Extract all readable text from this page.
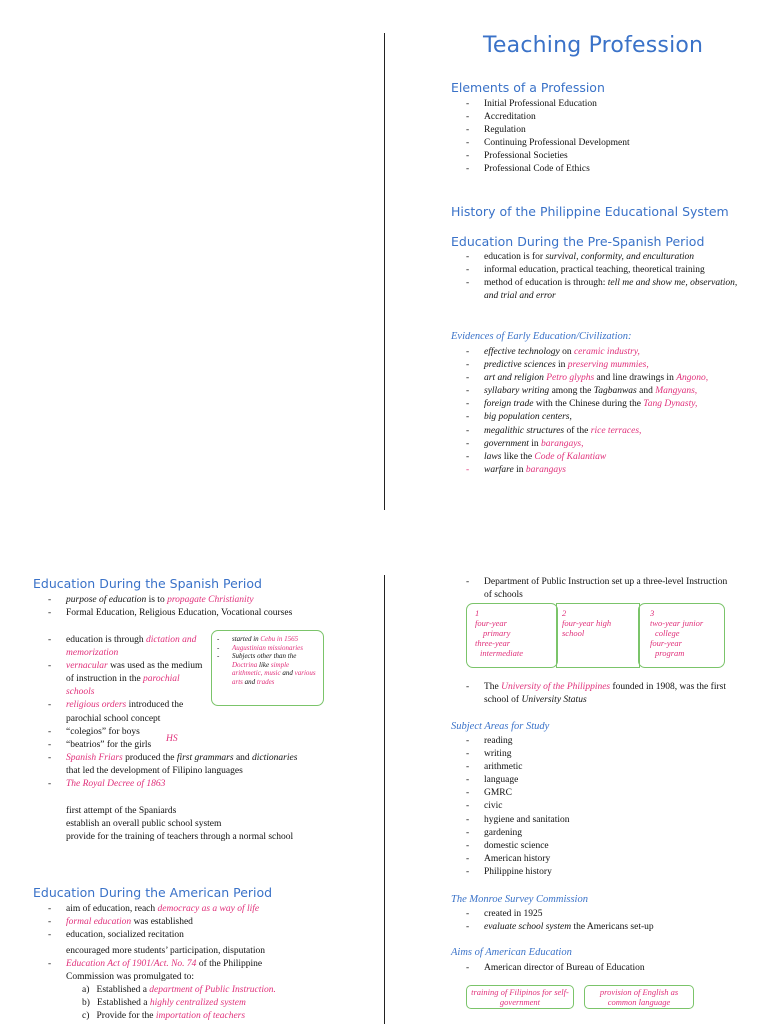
Teaching Profession
Elements of a Profession
- Initial Professional Education
- Accreditation
- Regulation
- Continuing Professional Development
- Professional Societies
- Professional Code of Ethics
History of the Philippine Educational System
Education During the Pre-Spanish Period
- education is for survival, conformity, and enculturation
- informal education, practical teaching, theoretical training
- method of education is through: tell me and show me, observation, and trial and error
Evidences of Early Education/Civilization:
- effective technology on ceramic industry,
- predictive sciences in preserving mummies,
- art and religion Petro glyphs and line drawings in Angono,
- syllabary writing among the Tagbanwas and Mangyans,
- foreign trade with the Chinese during the Tang Dynasty,
- big population centers,
- megalithic structures of the rice terraces,
- government in barangays,
- laws like the Code of Kalantiaw
- warfare in barangays
Education During the Spanish Period
- purpose of education is to propagate Christianity
- Formal Education, Religious Education, Vocational courses
- education is through dictation and memorization
- vernacular was used as the medium of instruction in the parochial schools
- religious orders introduced the parochial school concept
- “colegios” for boys
- “beatrios” for the girls
HS
- Spanish Friars produced the first grammars and dictionaries that led the development of Filipino languages
- The Royal Decree of 1863
first attempt of the Spaniards
establish an overall public school system
provide for the training of teachers through a normal school
- started in Cebu in 1565
- Augustinian missionaries
- Subjects other than the Doctrina like simple arithmetic, music and various arts and trades
Education During the American Period
- aim of education, reach democracy as a way of life
- formal education was established
- education, socialized recitation
encouraged more students’ participation, disputation
- Education Act of 1901/Act. No. 74 of the Philippine Commission was promulgated to:
a) Established a department of Public Instruction.
b) Established a highly centralized system
c) Provide for the importation of teachers
- Department of Public Instruction set up a three-level Instruction of schools
1
four-year
primary
three-year
intermediate
2
four-year high school
3
two-year junior
college
four-year
program
- The University of the Philippines founded in 1908, was the first school of University Status
Subject Areas for Study
- reading
- writing
- arithmetic
- language
- GMRC
- civic
- hygiene and sanitation
- gardening
- domestic science
- American history
- Philippine history
The Monroe Survey Commission
- created in 1925
- evaluate school system the Americans set-up
Aims of American Education
- American director of Bureau of Education
training of Filipinos for self-government
provision of English as common language
